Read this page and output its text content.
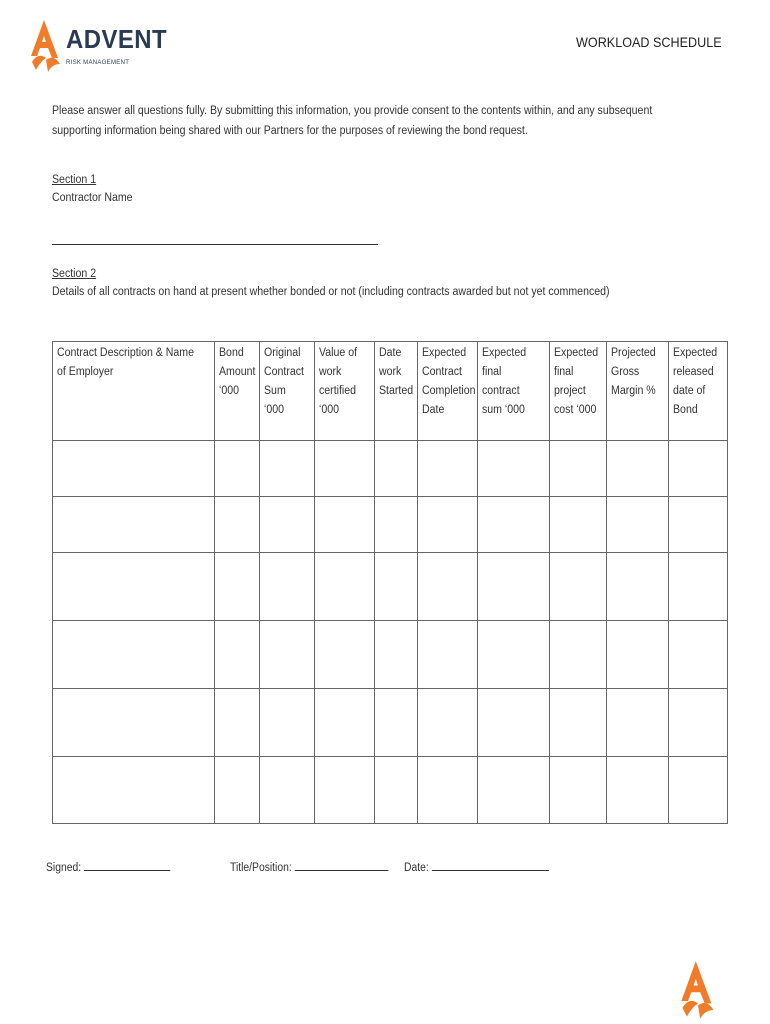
ADVENT
RISK MANAGEMENT
WORKLOAD SCHEDULE
Please answer all questions fully. By submitting this information, you provide consent to the contents within, and any subsequent supporting information being shared with our Partners for the purposes of reviewing the bond request.
Section 1
Contractor Name
Section 2
Details of all contracts on hand at present whether bonded or not (including contracts awarded but not yet commenced)
Contract Description & Name of Employer	Bond Amount ‘000	Original Contract Sum ‘000	Value of work certified ‘000	Date work Started	Expected Contract Completion Date	Expected final contract sum ‘000	Expected final project cost ‘000	Projected Gross Margin %	Expected released date of Bond

Signed:	Title/Position:	Date:
